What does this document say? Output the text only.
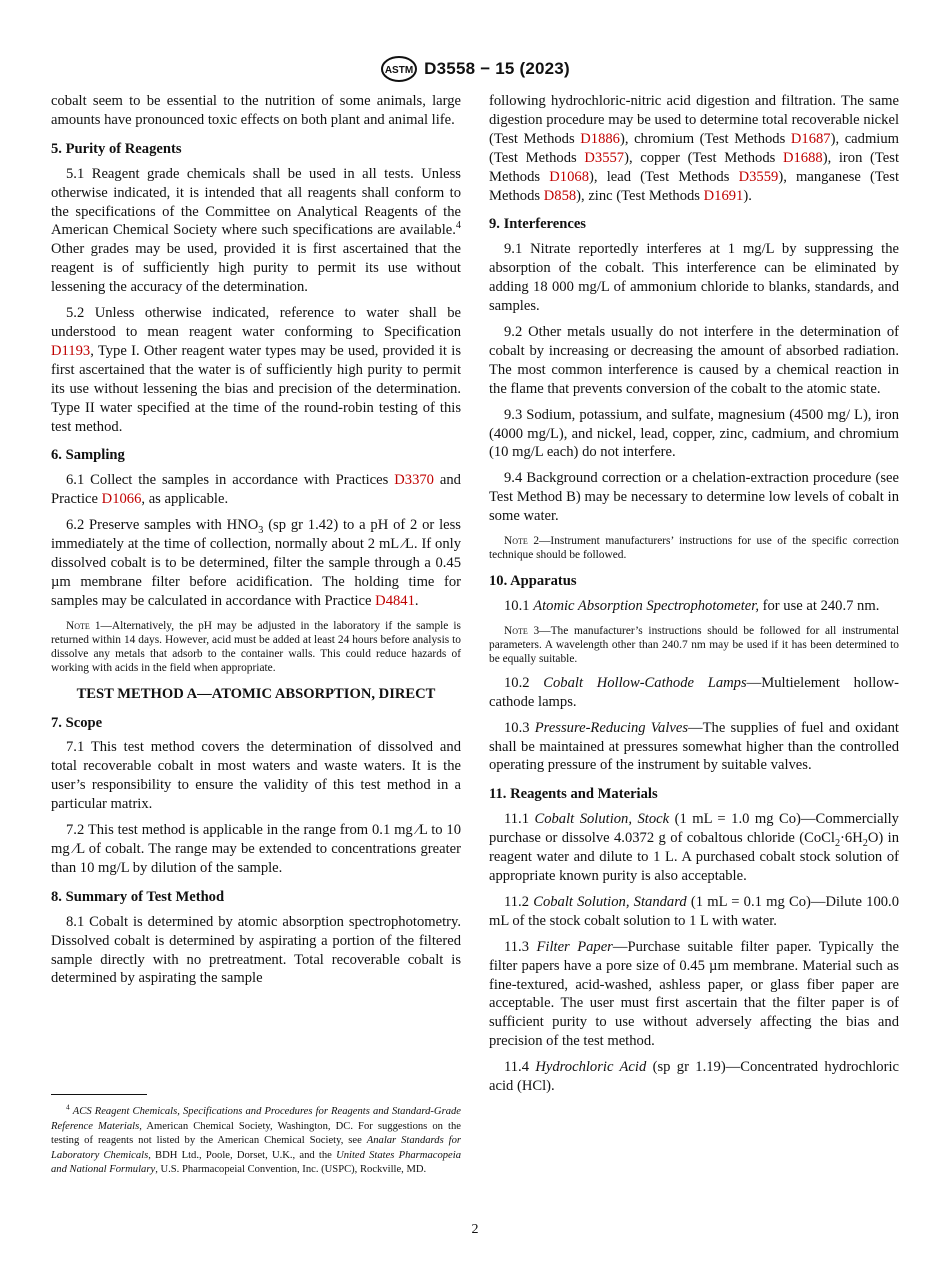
ASTM D3558 − 15 (2023)

cobalt seem to be essential to the nutrition of some animals, large amounts have pronounced toxic effects on both plant and animal life.

5. Purity of Reagents

5.1 Reagent grade chemicals shall be used in all tests. Unless otherwise indicated, it is intended that all reagents shall conform to the specifications of the Committee on Analytical Reagents of the American Chemical Society where such specifications are available.$^4$ Other grades may be used, provided it is first ascertained that the reagent is of sufficiently high purity to permit its use without lessening the accuracy of the determination.

5.2 Unless otherwise indicated, reference to water shall be understood to mean reagent water conforming to Specification D1193, Type I. Other reagent water types may be used, provided it is first ascertained that the water is of sufficiently high purity to permit its use without lessening the bias and precision of the determination. Type II water specified at the time of the round-robin testing of this test method.

6. Sampling

6.1 Collect the samples in accordance with Practices D3370 and Practice D1066, as applicable.

6.2 Preserve samples with $HNO_3$ (sp gr 1.42) to a pH of 2 or less immediately at the time of collection, normally about 2 mL ⁄L. If only dissolved cobalt is to be determined, filter the sample through a 0.45 µm membrane filter before acidification. The holding time for samples may be calculated in accordance with Practice D4841.

Note 1—Alternatively, the pH may be adjusted in the laboratory if the sample is returned within 14 days. However, acid must be added at least 24 hours before analysis to dissolve any metals that adsorb to the container walls. This could reduce hazards of working with acids in the field when appropriate.
TEST METHOD A—ATOMIC ABSORPTION, DIRECT
7. Scope

7.1 This test method covers the determination of dissolved and total recoverable cobalt in most waters and waste waters. It is the user’s responsibility to ensure the validity of this test method in a particular matrix.

7.2 This test method is applicable in the range from 0.1 mg ⁄L to 10 mg ⁄L of cobalt. The range may be extended to concentrations greater than 10 mg/L by dilution of the sample.

8. Summary of Test Method

8.1 Cobalt is determined by atomic absorption spectrophotometry. Dissolved cobalt is determined by aspirating a portion of the filtered sample directly with no pretreatment. Total recoverable cobalt is determined by aspirating the sample

$^4$ ACS Reagent Chemicals, Specifications and Procedures for Reagents and Standard-Grade Reference Materials, American Chemical Society, Washington, DC. For suggestions on the testing of reagents not listed by the American Chemical Society, see Analar Standards for Laboratory Chemicals, BDH Ltd., Poole, Dorset, U.K., and the United States Pharmacopeia and National Formulary, U.S. Pharmacopeial Convention, Inc. (USPC), Rockville, MD.

following hydrochloric-nitric acid digestion and filtration. The same digestion procedure may be used to determine total recoverable nickel (Test Methods D1886), chromium (Test Methods D1687), cadmium (Test Methods D3557), copper (Test Methods D1688), iron (Test Methods D1068), lead (Test Methods D3559), manganese (Test Methods D858), zinc (Test Methods D1691).

9. Interferences

9.1 Nitrate reportedly interferes at 1 mg/L by suppressing the absorption of the cobalt. This interference can be eliminated by adding 18 000 mg/L of ammonium chloride to blanks, standards, and samples.

9.2 Other metals usually do not interfere in the determination of cobalt by increasing or decreasing the amount of absorbed radiation. The most common interference is caused by a chemical reaction in the flame that prevents conversion of the cobalt to the atomic state.

9.3 Sodium, potassium, and sulfate, magnesium (4500 mg/ L), iron (4000 mg/L), and nickel, lead, copper, zinc, cadmium, and chromium (10 mg/L each) do not interfere.

9.4 Background correction or a chelation-extraction procedure (see Test Method B) may be necessary to determine low levels of cobalt in some water.

Note 2—Instrument manufacturers’ instructions for use of the specific correction technique should be followed.
10. Apparatus

10.1 Atomic Absorption Spectrophotometer, for use at 240.7 nm.

Note 3—The manufacturer’s instructions should be followed for all instrumental parameters. A wavelength other than 240.7 nm may be used if it has been determined to be equally suitable.

10.2 Cobalt Hollow-Cathode Lamps—Multielement hollow-cathode lamps.

10.3 Pressure-Reducing Valves—The supplies of fuel and oxidant shall be maintained at pressures somewhat higher than the controlled operating pressure of the instrument by suitable valves.

11. Reagents and Materials

11.1 Cobalt Solution, Stock (1 mL = 1.0 mg Co)—Commercially purchase or dissolve 4.0372 g of cobaltous chloride $(CoCl_2\cdot 6H_2O)$ in reagent water and dilute to 1 L. A purchased cobalt stock solution of appropriate known purity is also acceptable.

11.2 Cobalt Solution, Standard (1 mL = 0.1 mg Co)—Dilute 100.0 mL of the stock cobalt solution to 1 L with water.

11.3 Filter Paper—Purchase suitable filter paper. Typically the filter papers have a pore size of 0.45 µm membrane. Material such as fine-textured, acid-washed, ashless paper, or glass fiber paper are acceptable. The user must first ascertain that the filter paper is of sufficient purity to use without adversely affecting the bias and precision of the test method.

11.4 Hydrochloric Acid (sp gr 1.19)—Concentrated hydrochloric acid (HCl).

2
